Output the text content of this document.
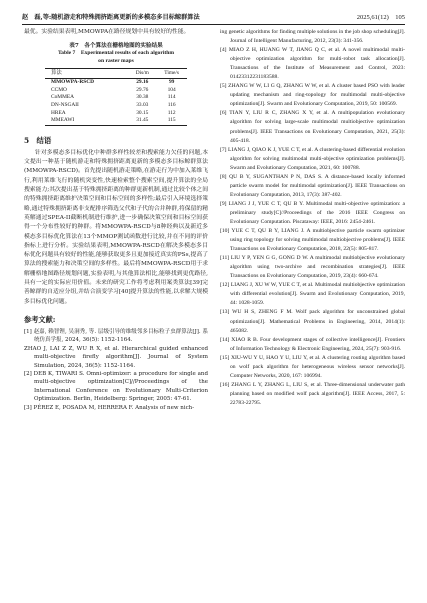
赵　磊,等:随机游走和特殊拥挤距离更新的多模态多目标鲸群算法	2025,61(12)　105

最优。实验结果表明,MMOWPA在路径规划中具有较好的性能。

表7　各个算法在栅格地图的实验结果
Table 7　Experimental results of each algorithm
on raster maps
算法	Dis/m	Time/s
MMOWPA-RSCD	29.16	99
CCMO	29.76	104
CoMMEA	30.38	114
DN-NSGAII	33.03	116
HREA	30.15	112
MMEAWI	31.45	115
5　结语

针对多模态多目标优化中种群多样性较差和搜索能力欠佳的问题,本文提出一种基于随机游走和特殊拥挤距离更新的多模态多目标鲸群算法(MMOWPA-RSCD)。首先提出随机游走策略,在游走行为中加入莱维飞行,利用莱维飞行的随机突变性,快速检索整个搜索空间,提升算法的全局搜索能力;其次提出基于特殊拥挤距离的种群更新机制,通过比较个体之间的特殊拥挤距离维护决策空间和目标空间的多样性;最后引入环境选择策略,通过特殊拥挤距离非支配排序筛选父代和子代的合并种群,将保留的精英解通过SPEA-II截断机制进行维护,进一步确保决策空间和目标空间获得一个分布性较好的种群。将MMOWPA-RSCD与8种经典以及新近多模态多目标优化算法在13个MMOP测试函数进行比较,并在不同的评价指标上进行分析。实验结果表明,MMOWPA-RSCD在解决多模态多目标优化问题具有较好的性能,能够获取更多且更加接近真实的PSs,提高了算法的搜索能力和决策空间的多样性。最后将MMOWPA-RSCD用于求解栅格地图路径规划问题,实验表明,与其他算法相比,能够找到更优路径,具有一定的实际应用价值。未来的研究工作将考虑利用案类算法[39]完善鲸群的自适应分组,并结合演变学习[40]提升算法的性能,以求解大规模多目标优化问题。

参考文献:

[1] 赵嘉, 赖智锂, 吴洞秀, 等. 层级引导的维级邻多目标粒子虫群算法[J]. 系统仿真学报, 2024, 36(5): 1152-1164.

ZHAO J, LAI Z Z, WU R X, et al. Hierarchical guided enhanced multi-objective firefly algorithm[J]. Journal of System Simulation, 2024, 36(5): 1152-1164.

[2] DEB K, TIWARI S. Omni-optimizer: a procedure for single and multi-objective optimization[C]//Proceedings of the International Conference on Evolutionary Multi-Criterion Optimization. Berlin, Heidelberg: Springer, 2005: 47-61.

[3] PÉREZ E, POSADA M, HERRERA F. Analysis of new nich-

ing genetic algorithms for finding multiple solutions in the job shop scheduling[J]. Journal of Intelligent Manufacturing, 2012, 23(3): 341-356.

[4] MIAO Z H, HUANG W T, JIANG Q C, et al. A novel multimodal multi-objective optimization algorithm for multi-robot task allocation[J]. Transactions of the Institute of Measurement and Control, 2023: 01423312231183588.

[5] ZHANG W W, LI G Q, ZHANG W W, et al. A cluster based PSO with leader updating mechanism and ring-topology for multimodal multi-objective optimization[J]. Swarm and Evolutionary Computation, 2019, 50: 100569.

[6] TIAN Y, LIU R C, ZHANG X Y, et al. A multipopulation evolutionary algorithm for solving large-scale multimodal multiobjective optimization problems[J]. IEEE Transactions on Evolutionary Computation, 2021, 25(3): 405-418.

[7] LIANG J, QIAO K J, YUE C T, et al. A clustering-based differential evolution algorithm for solving multimodal multi-objective optimization problems[J]. Swarm and Evolutionary Computation, 2021, 60: 100788.

[8] QU B Y, SUGANTHAN P N, DAS S. A distance-based locally informed particle swarm model for multimodal optimization[J]. IEEE Transactions on Evolutionary Computation, 2013, 17(3): 387-402.

[9] LIANG J J, YUE C T, QU B Y. Multimodal multi-objective optimization: a preliminary study[C]//Proceedings of the 2016 IEEE Congress on Evolutionary Computation. Piscataway: IEEE, 2016: 2454-2461.

[10] YUE C T, QU B Y, LIANG J. A multiobjective particle swarm optimizer using ring topology for solving multimodal multiobjective problems[J]. IEEE Transactions on Evolutionary Computation, 2018, 22(5): 805-817.

[11] LIU Y P, YEN G G, GONG D W. A multimodal multiobjective evolutionary algorithm using two-archive and recombination strategies[J]. IEEE Transactions on Evolutionary Computation, 2019, 23(4): 660-674.

[12] LIANG J, XU W W, YUE C T, et al. Multimodal multiobjective optimization with differential evolution[J]. Swarm and Evolutionary Computation, 2019, 44: 1028-1059.

[13] WU H S, ZHENG F M. Wolf pack algorithm for unconstrained global optimization[J]. Mathematical Problems in Engineering, 2014, 2014(1): 465082.

[14] XIAO R B. Four development stages of collective intelligence[J]. Frontiers of Information Technology & Electronic Engineering, 2024, 25(7): 903-916.

[15] XIU-WU Y U, HAO Y U, LIU Y, et al. A clustering routing algorithm based on wolf pack algorithm for heterogeneous wireless sensor networks[J]. Computer Networks, 2020, 167: 106994.

[16] ZHANG L Y, ZHANG L, LIU S, et al. Three-dimensional underwater path planning based on modified wolf pack algorithm[J]. IEEE Access, 2017, 5: 22783-22795.
